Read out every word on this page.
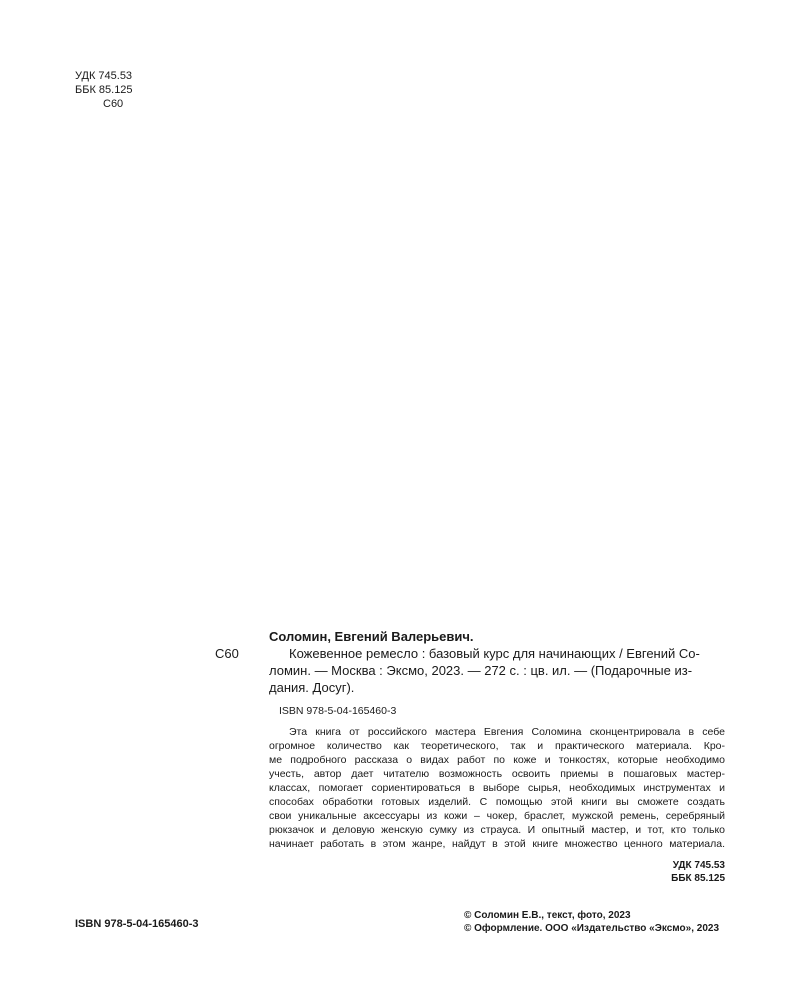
УДК 745.53
ББК 85.125
С60
С60
Соломин, Евгений Валерьевич.
Кожевенное ремесло : базовый курс для начинающих / Евгений Со-
ломин. — Москва : Эксмо, 2023. — 272 с. : цв. ил. — (Подарочные из-
дания. Досуг).
ISBN 978-5-04-165460-3
Эта книга от российского мастера Евгения Соломина сконцентрировала в себе
огромное количество как теоретического, так и практического материала. Кро-
ме подробного рассказа о видах работ по коже и тонкостях, которые необходимо
учесть, автор дает читателю возможность освоить приемы в пошаговых мастер-
классах, помогает сориентироваться в выборе сырья, необходимых инструментах и
способах обработки готовых изделий. С помощью этой книги вы сможете создать
свои уникальные аксессуары из кожи – чокер, браслет, мужской ремень, серебряный
рюкзачок и деловую женскую сумку из страуса. И опытный мастер, и тот, кто только
начинает работать в этом жанре, найдут в этой книге множество ценного материала.
УДК 745.53
ББК 85.125
ISBN 978-5-04-165460-3
© Соломин Е.В., текст, фото, 2023
© Оформление. ООО «Издательство «Эксмо», 2023
